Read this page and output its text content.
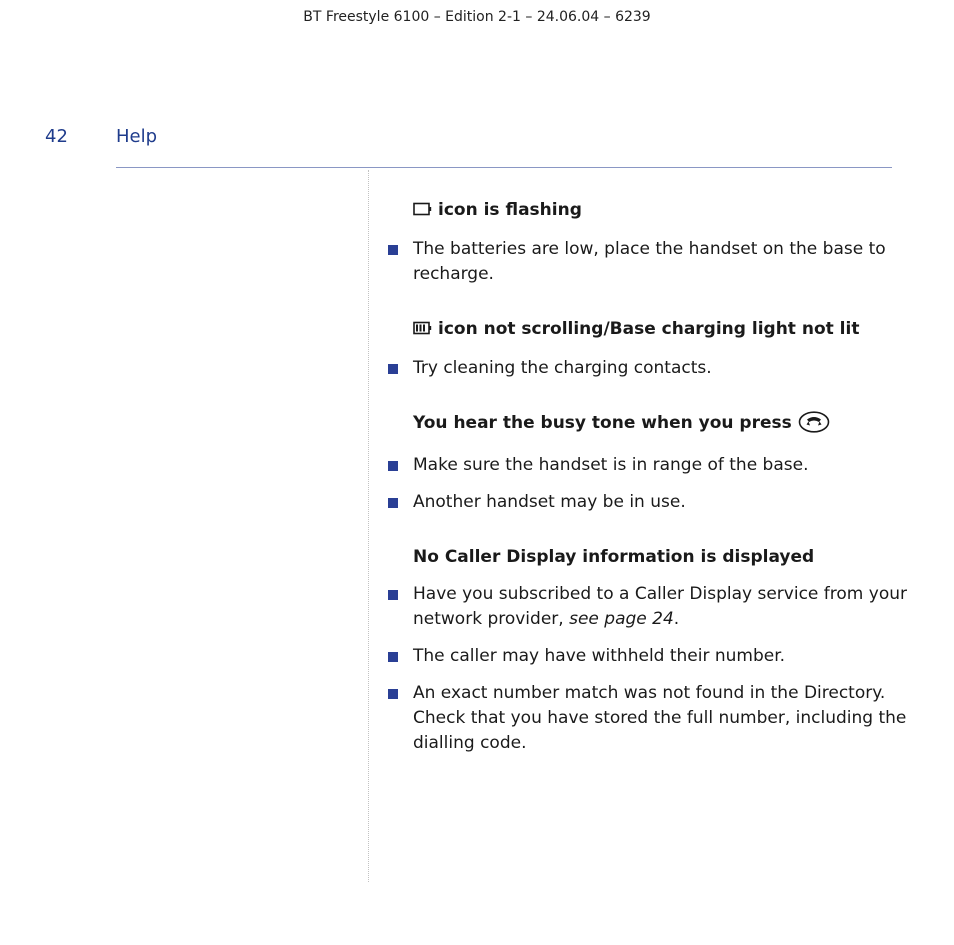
BT Freestyle 6100 – Edition 2-1 – 24.06.04 – 6239
42	Help
icon is flashing
The batteries are low, place the handset on the base to recharge.
icon not scrolling/Base charging light not lit
Try cleaning the charging contacts.
You hear the busy tone when you press
Make sure the handset is in range of the base.
Another handset may be in use.
No Caller Display information is displayed
Have you subscribed to a Caller Display service from your network provider, see page 24.
The caller may have withheld their number.
An exact number match was not found in the Directory. Check that you have stored the full number, including the dialling code.
